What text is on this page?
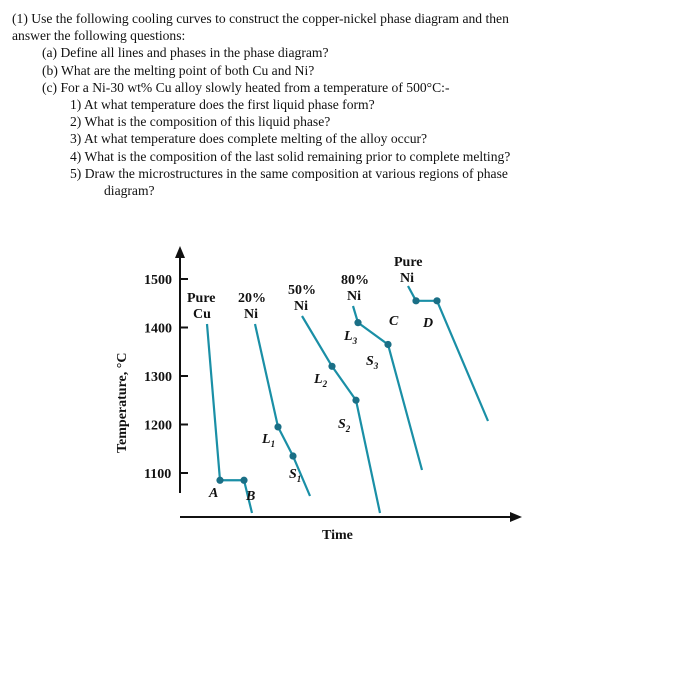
(1) Use the following cooling curves to construct the copper-nickel phase diagram and then
answer the following questions:
(a) Define all lines and phases in the phase diagram?
(b) What are the melting point of both Cu and Ni?
(c) For a Ni-30 wt% Cu alloy slowly heated from a temperature of 500°C:-
1) At what temperature does the first liquid phase form?
2) What is the composition of this liquid phase?
3) At what temperature does complete melting of the alloy occur?
4) What is the composition of the last solid remaining prior to complete melting?
5) Draw the microstructures in the same composition at various regions of phase
diagram?
1500
1400
1300
1200
1100
Temperature, °C
Time
Pure
Cu
20%
Ni
50%
Ni
80%
Ni
Pure
Ni
A B
C D
$L_1$
$S_1$
$L_2$
$S_2$
$L_3$
$S_3$
